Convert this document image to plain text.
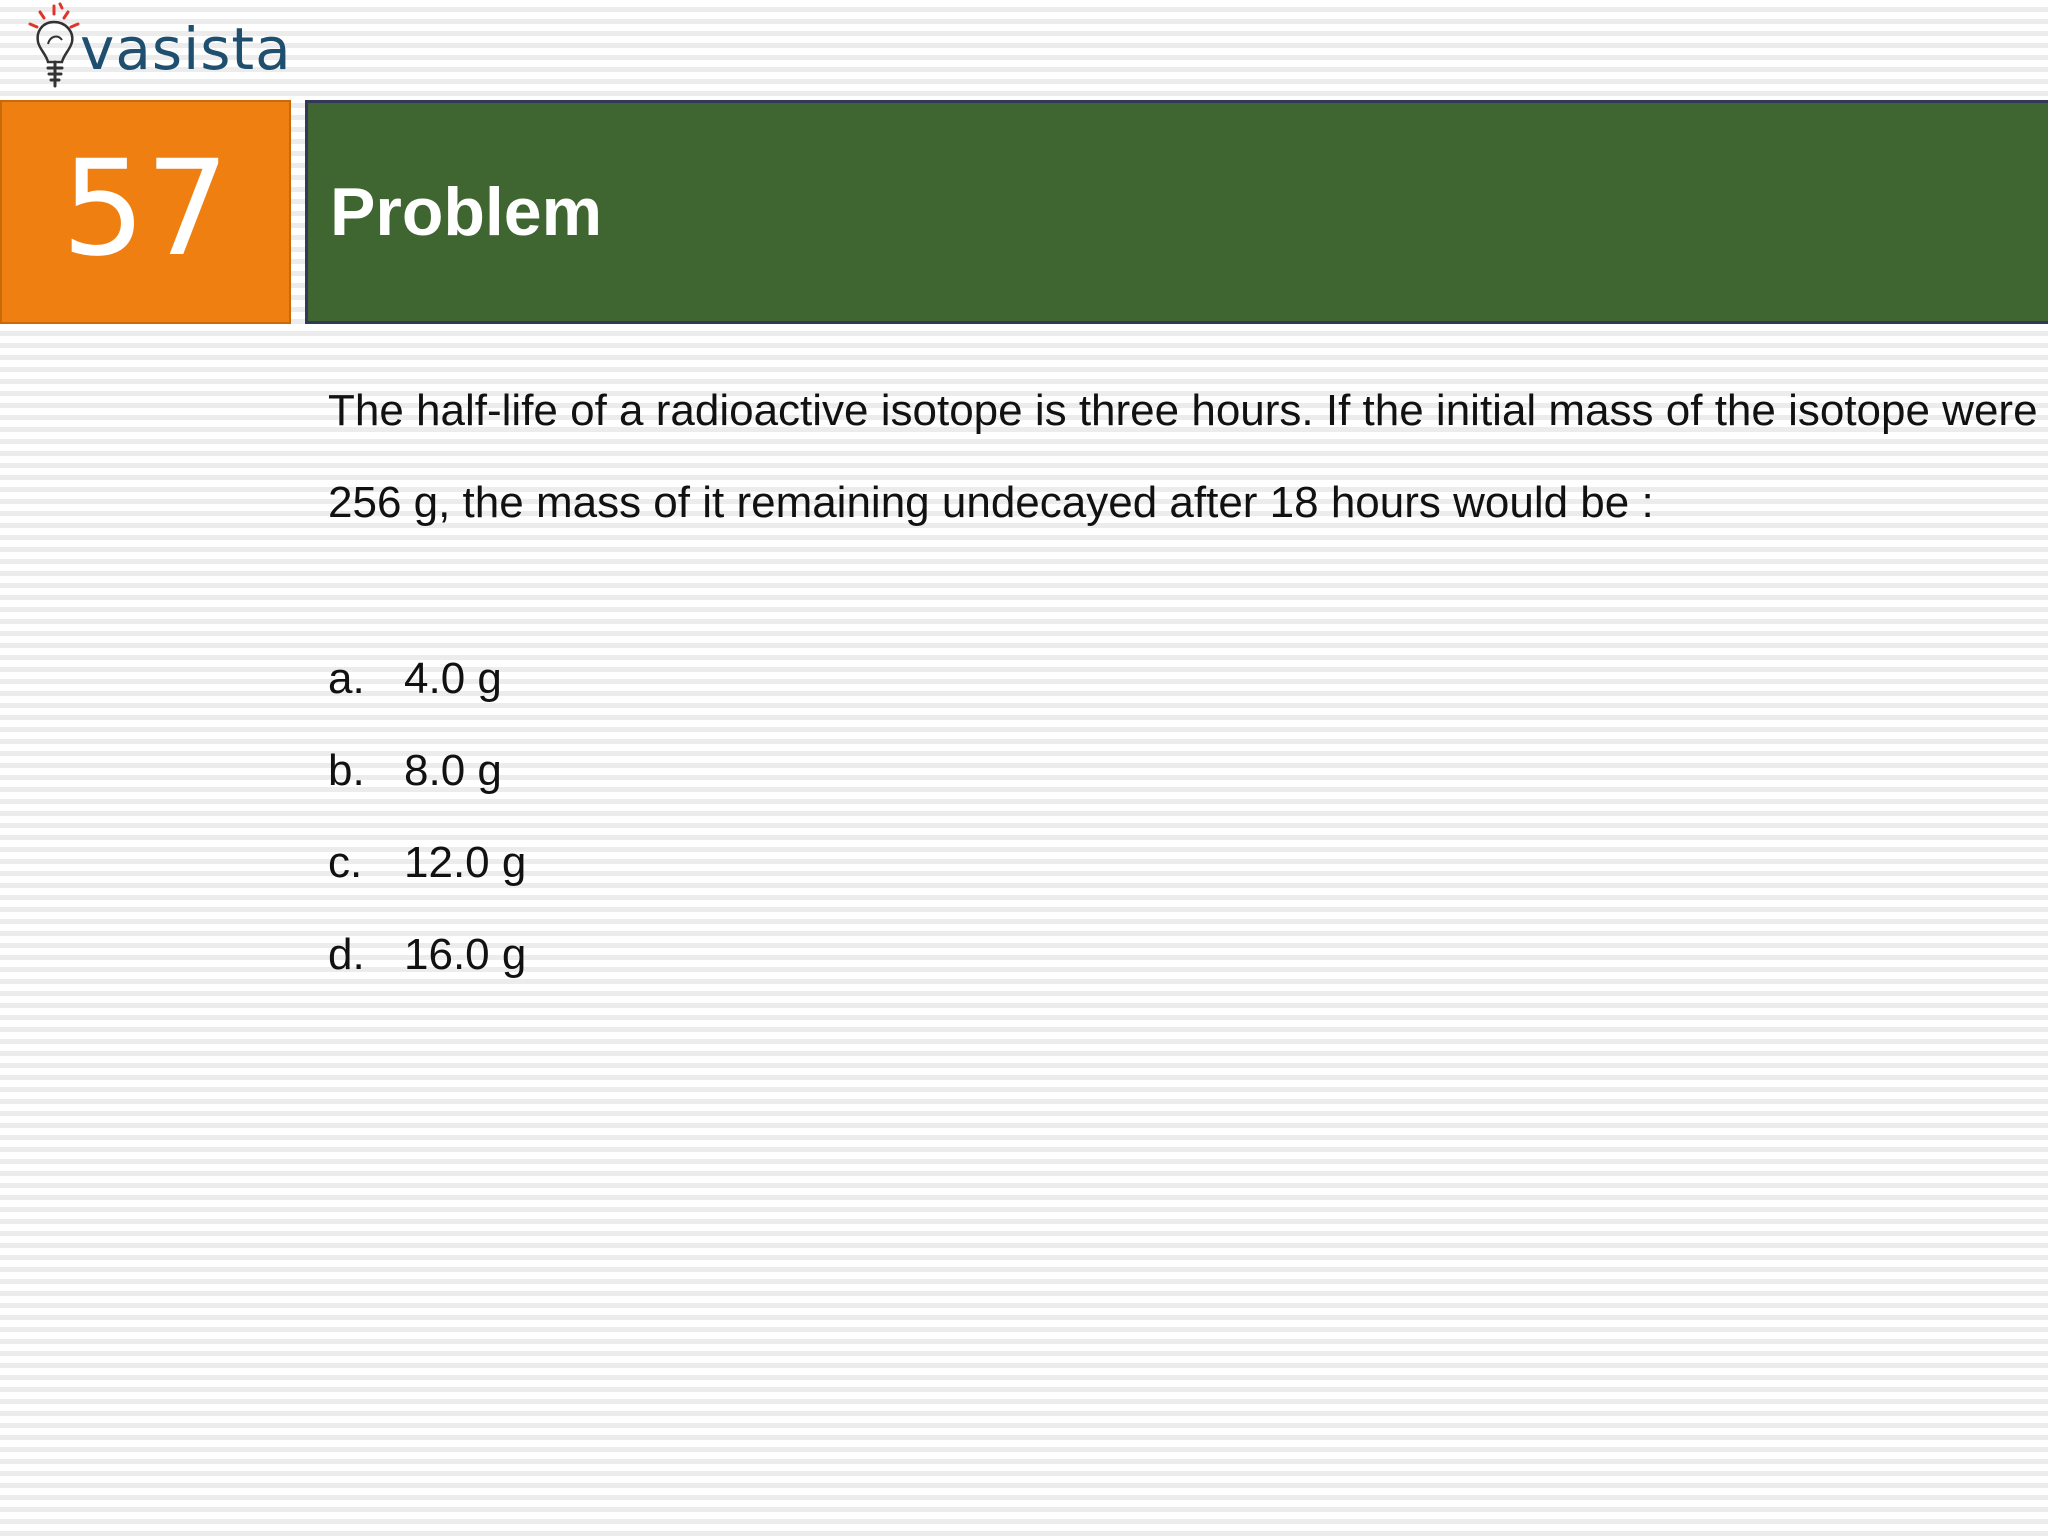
vasista
57 Problem

The half-life of a radioactive isotope is three hours. If the initial mass of the isotope were 256 g, the mass of it remaining undecayed after 18 hours would be :

a. 4.0 g
b. 8.0 g
c. 12.0 g
d. 16.0 g
